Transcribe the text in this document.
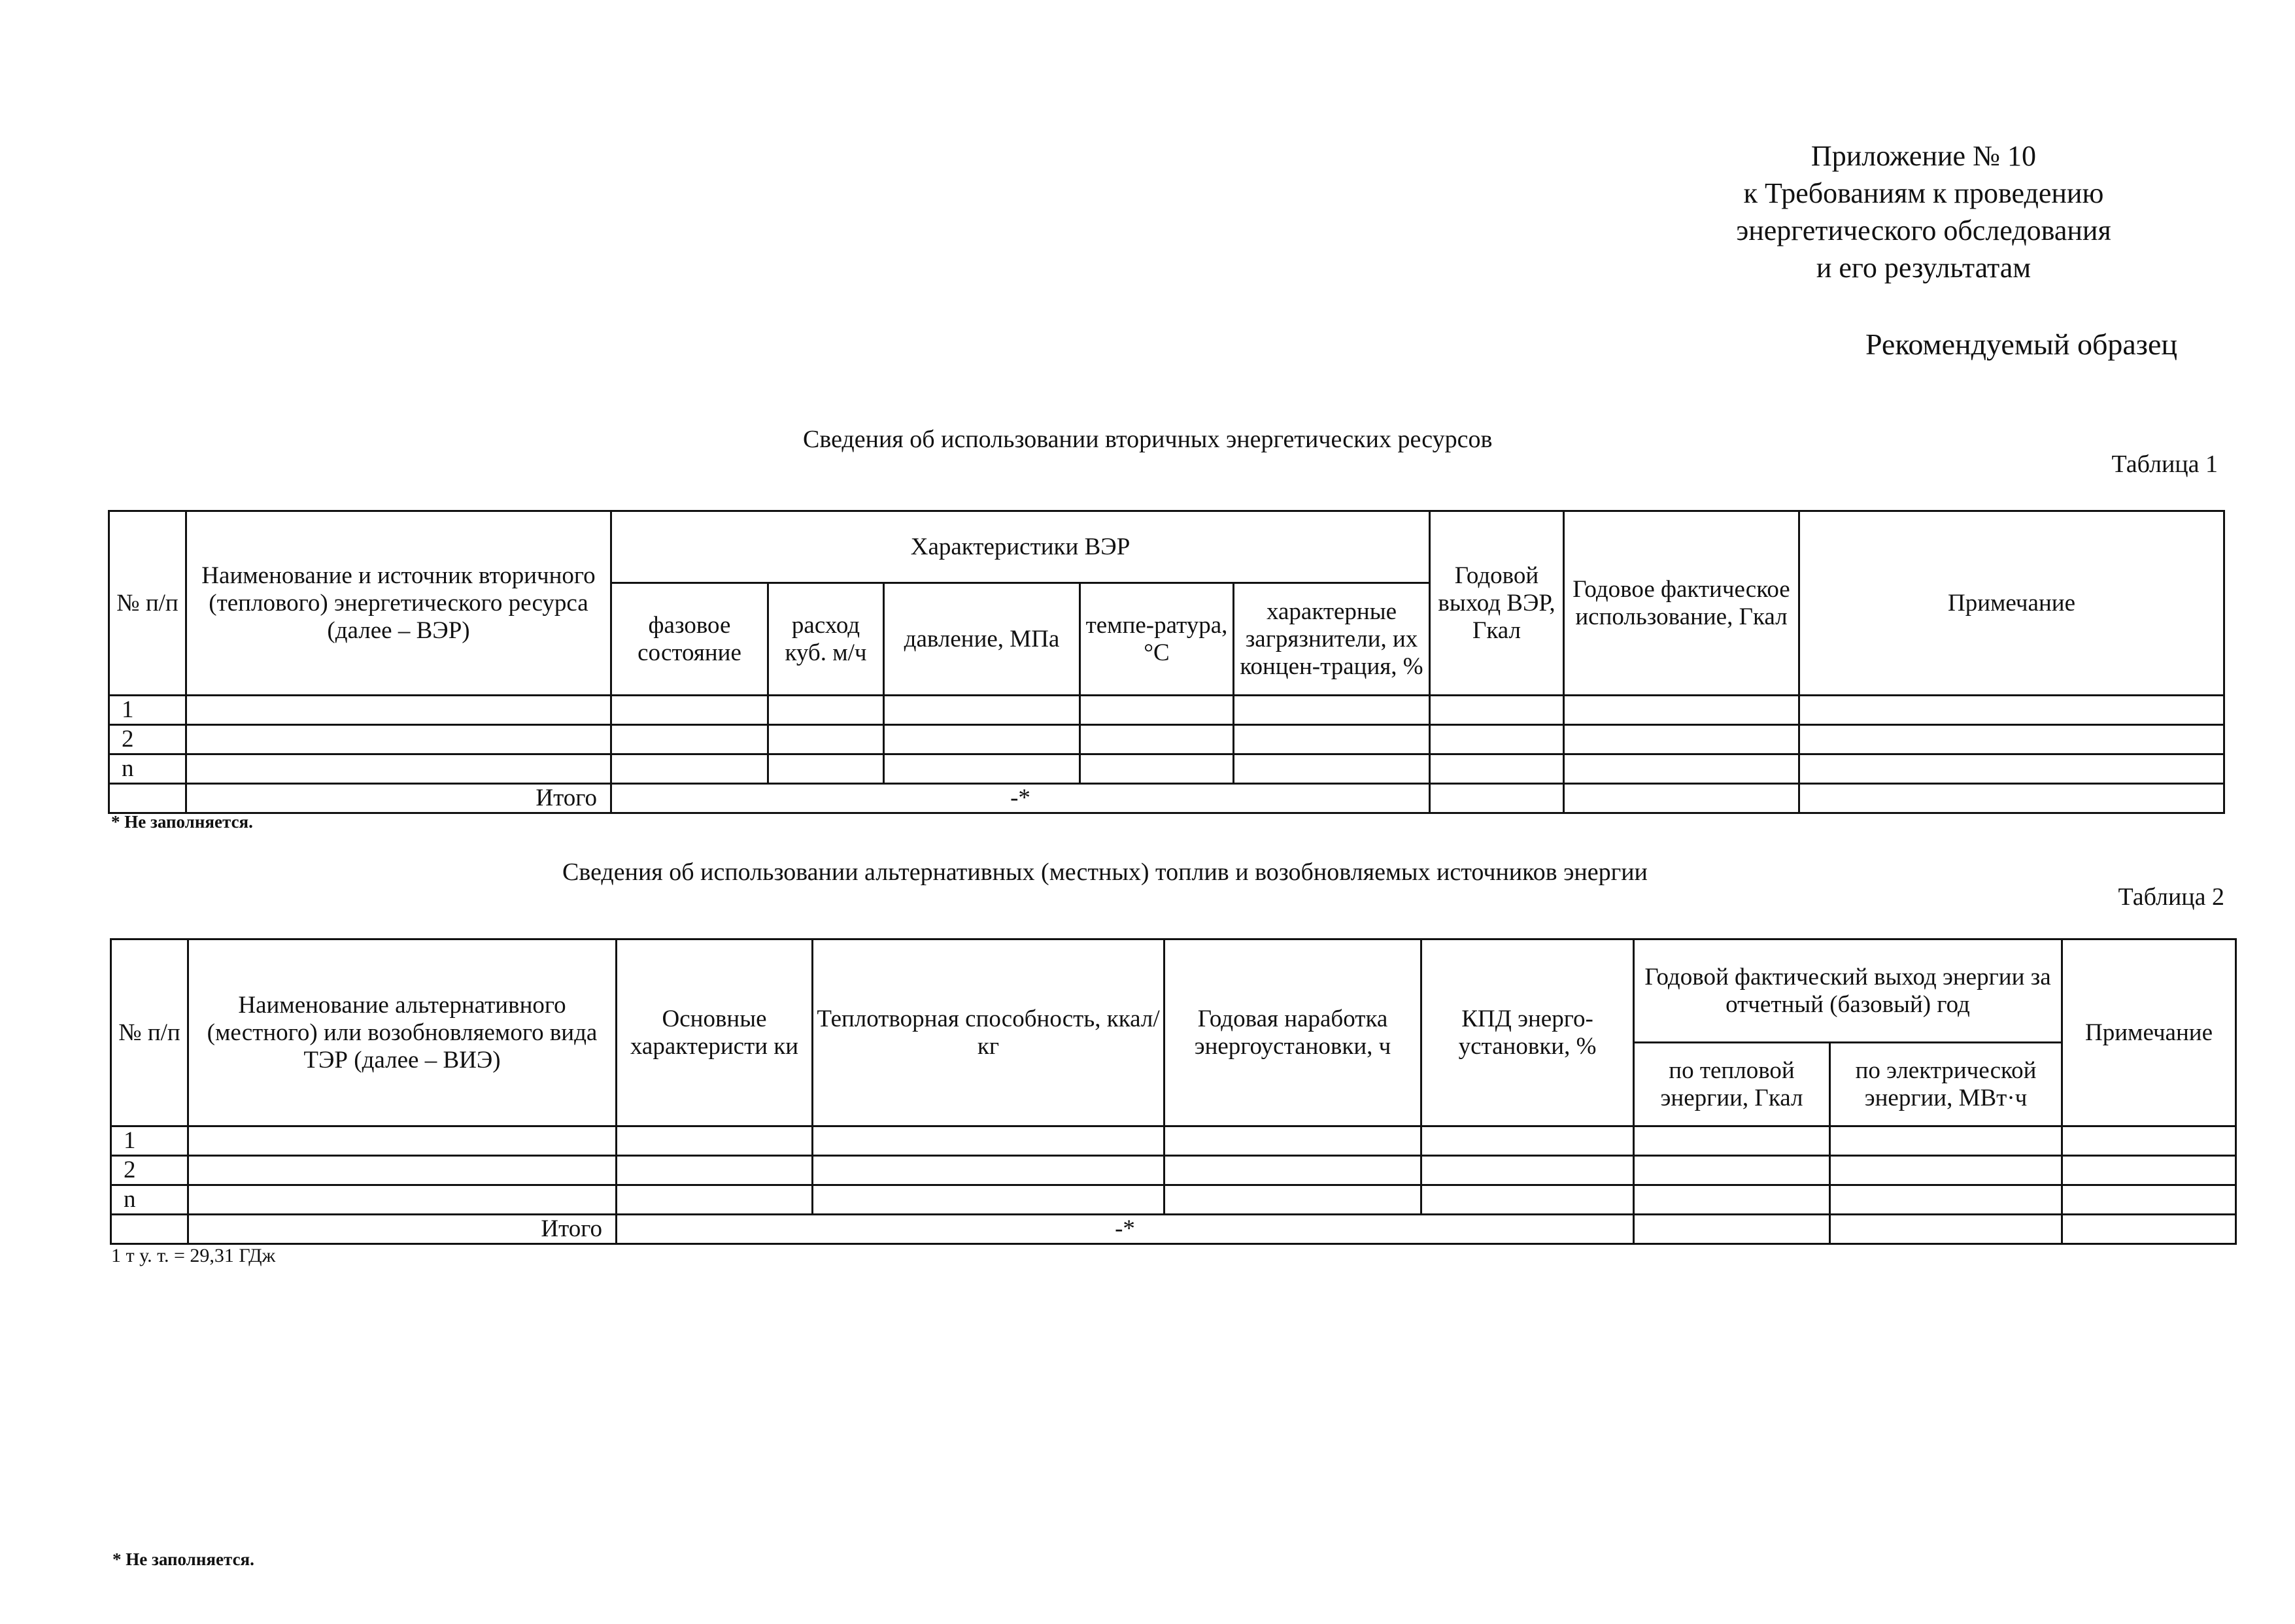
Приложение № 10
к Требованиям к проведению
энергетического обследования
и его результатам
Рекомендуемый образец
Сведения об использовании вторичных энергетических ресурсов
Таблица 1
№ п/п	Наименование и источник вторичного (теплового) энергетического ресурса (далее – ВЭР)	Характеристики ВЭР					Годовой выход ВЭР, Гкал	Годовое фактическое использование, Гкал	Примечание
		фазовое состояние	расход куб. м/ч	давление, МПа	темпе-ратура, °С	характерные загрязнители, их концен-трация, %			
1									
2									
n									
	Итого	-*							
* Не заполняется.
Сведения об использовании альтернативных (местных) топлив и возобновляемых источников энергии
Таблица 2
№ п/п	Наименование альтернативного (местного) или возобновляемого вида ТЭР (далее – ВИЭ)	Основные характеристи ки	Теплотворная способность, ккал/кг	Годовая наработка энергоустановки, ч	КПД энерго-установки, %	Годовой фактический выход энергии за отчетный (базовый) год		Примечание
						по тепловой энергии, Гкал	по электрической энергии, МВт·ч	
1								
2								
n								
	Итого	-*						
1 т у. т. = 29,31 ГДж
* Не заполняется.
